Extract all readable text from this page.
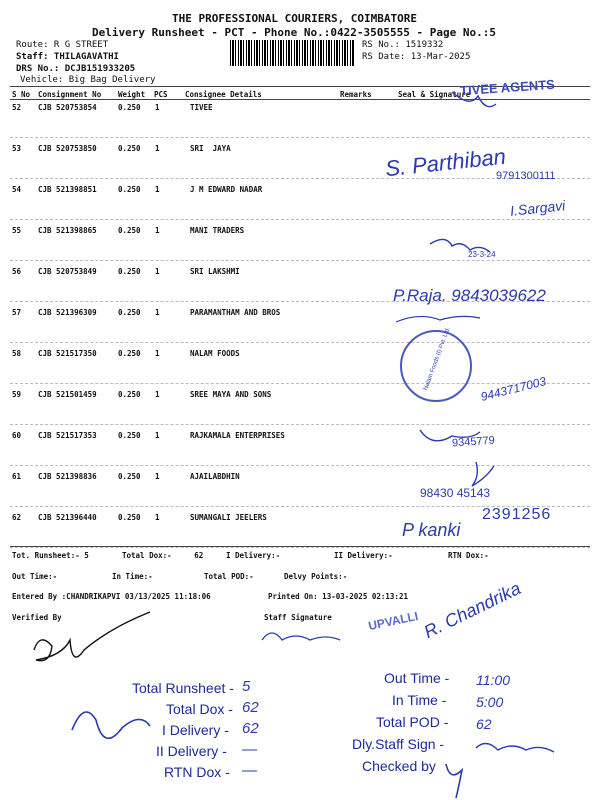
THE PROFESSIONAL COURIERS, COIMBATORE
Delivery Runsheet - PCT - Phone No.:0422-3505555 - Page No.:5
Route: R G STREET
Staff: THILAGAVATHI
DRS No.: DCJB151933205
Vehicle: Big Bag Delivery
RS No.: 1519332
RS Date: 13-Mar-2025
S No Consignment No Weight PCS Consignee Details	Remarks	Seal & Signature
52 CJB 520753854	0.250 1	TIVEE
53 CJB 520753850	0.250 1	SRI  JAYA
54 CJB 521398851	0.250 1	J M EDWARD NADAR
55 CJB 521398865	0.250 1	MANI TRADERS
56 CJB 520753849	0.250 1	SRI LAKSHMI
57 CJB 521396309	0.250 1	PARAMANTHAM AND BROS
58 CJB 521517350	0.250 1	NALAM FOODS
59 CJB 521501459	0.250 1	SREE MAYA AND SONS
60 CJB 521517353	0.250 1	RAJKAMALA ENTERPRISES
61 CJB 521398836	0.250 1	AJAILABDHIN
62 CJB 521396440	0.250 1	SUMANGALI JEELERS
Tot. Runsheet:- 5	Total Dox:-     62	I Delivery:-	II Delivery:-	RTN Dox:-
Out Time:-	In Time:-	Total POD:-	Delvy Points:-
Entered By :CHANDRIKAPVI 03/13/2025 11:18:06	Printed On: 13-03-2025 02:13:21
Verified By	Staff Signature
TIVEE AGENTS
S. Parthiban
9791300111
I.Sargavi
23-3-24
P.Raja. 9843039622
Nalam Foods (I) Pvt. Ltd. 9443717003
9345779
98430 45143
2391256
P kanki
UPVALLI R. Chandrika
Total Runsheet - 5
Total Dox - 62
I Delivery - 62
II Delivery - —
RTN Dox - —
Out Time - 11:00
In Time - 5:00
Total POD - 62
Dly.Staff Sign -
Checked by
